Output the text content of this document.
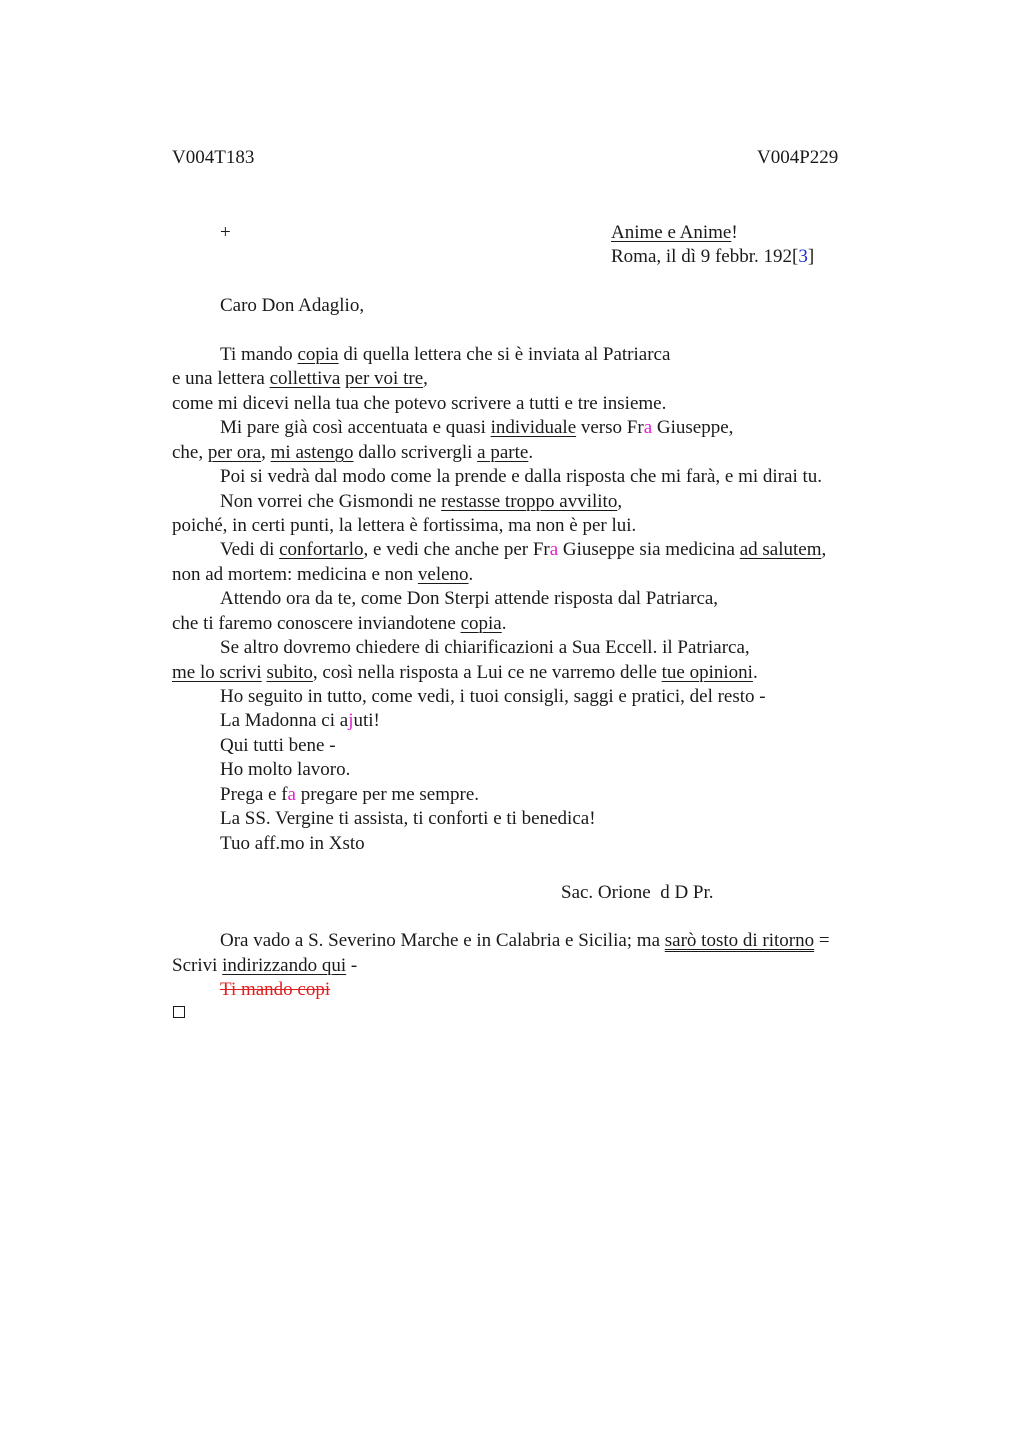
V004T183	V004P229
+	Anime e Anime!
Roma, il dì 9 febbr. 192[3]
Caro Don Adaglio,
Ti mando copia di quella lettera che si è inviata al Patriarca
e una lettera collettiva per voi tre,
come mi dicevi nella tua che potevo scrivere a tutti e tre insieme.
Mi pare già così accentuata e quasi individuale verso Fra Giuseppe,
che, per ora, mi astengo dallo scrivergli a parte.
Poi si vedrà dal modo come la prende e dalla risposta che mi farà, e mi dirai tu.
Non vorrei che Gismondi ne restasse troppo avvilito,
poiché, in certi punti, la lettera è fortissima, ma non è per lui.
Vedi di confortarlo, e vedi che anche per Fra Giuseppe sia medicina ad salutem,
non ad mortem: medicina e non veleno.
Attendo ora da te, come Don Sterpi attende risposta dal Patriarca,
che ti faremo conoscere inviandotene copia.
Se altro dovremo chiedere di chiarificazioni a Sua Eccell. il Patriarca,
me lo scrivi subito, così nella risposta a Lui ce ne varremo delle tue opinioni.
Ho seguito in tutto, come vedi, i tuoi consigli, saggi e pratici, del resto -
La Madonna ci ajuti!
Qui tutti bene -
Ho molto lavoro.
Prega e fa pregare per me sempre.
La SS. Vergine ti assista, ti conforti e ti benedica!
Tuo aff.mo in Xsto
Sac. Orione  d D Pr.
Ora vado a S. Severino Marche e in Calabria e Sicilia; ma sarò tosto di ritorno =
Scrivi indirizzando qui -
Ti mando copi
